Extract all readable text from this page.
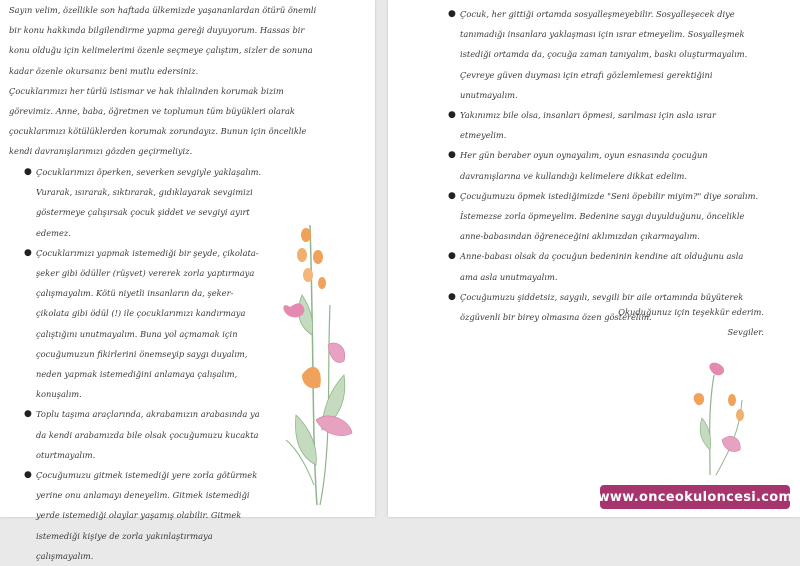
Sayın velim, özellikle son haftada ülkemizde yaşananlardan ötürü önemli bir konu hakkında bilgilendirme yapma gereği duyuyorum. Hassas bir konu olduğu için kelimelerimi özenle seçmeye çalıştım, sizler de sonuna kadar özenle okursanız beni mutlu edersiniz.

Çocuklarımızı her türlü istismar ve hak ihlalinden korumak bizim görevimiz. Anne, baba, öğretmen ve toplumun tüm büyükleri olarak çocuklarımızı kötülüklerden korumak zorundayız. Bunun için öncelikle kendi davranışlarımızı gözden geçirmeliyiz.

● Çocuklarımızı öperken, severken sevgiyle yaklaşalım. Vurarak, ısırarak, sıktırarak, gıdıklayarak sevgimizi göstermeye çalışırsak çocuk şiddet ve sevgiyi ayırt edemez.
● Çocuklarımızı yapmak istemediği bir şeyde, çikolata-şeker gibi ödüller (rüşvet) vererek zorla yaptırmaya çalışmayalım. Kötü niyetli insanların da, şeker-çikolata gibi ödül (!) ile çocuklarımızı kandırmaya çalıştığını unutmayalım. Buna yol açmamak için çocuğumuzun fikirlerini önemseyip saygı duyalım, neden yapmak istemediğini anlamaya çalışalım, konuşalım.
● Toplu taşıma araçlarında, akrabamızın arabasında ya da kendi arabamızda bile olsak çocuğumuzu kucakta oturtmayalım.
● Çocuğumuzu gitmek istemediği yere zorla götürmek yerine onu anlamayı deneyelim. Gitmek istemediği yerde istemediği olaylar yaşamış olabilir. Gitmek istemediği kişiye de zorla yakınlaştırmaya çalışmayalım.
● Çocuk, her gittiği ortamda sosyalleşmeyebilir. Sosyalleşecek diye tanımadığı insanlara yaklaşması için ısrar etmeyelim. Sosyalleşmek istediği ortamda da, çocuğa zaman tanıyalım, baskı oluşturmayalım. Çevreye güven duyması için etrafı gözlemlemesi gerektiğini unutmayalım.
● Yakınımız bile olsa, insanları öpmesi, sarılması için asla ısrar etmeyelim.
● Her gün beraber oyun oynayalım, oyun esnasında çocuğun davranışlarına ve kullandığı kelimelere dikkat edelim.
● Çocuğumuzu öpmek istediğimizde "Seni öpebilir miyim?" diye soralım. İstemezse zorla öpmeyelim. Bedenine saygı duyulduğunu, öncelikle anne-babasından öğreneceğini aklımızdan çıkarmayalım.
● Anne-babası olsak da çocuğun bedeninin kendine ait olduğunu asla ama asla unutmayalım.
● Çocuğumuzu şiddetsiz, saygılı, sevgili bir aile ortamında büyüterek özgüvenli bir birey olmasına özen gösterelim.
Okuduğunuz için teşekkür ederim.
Sevgiler.
www.onceokuloncesi.com
